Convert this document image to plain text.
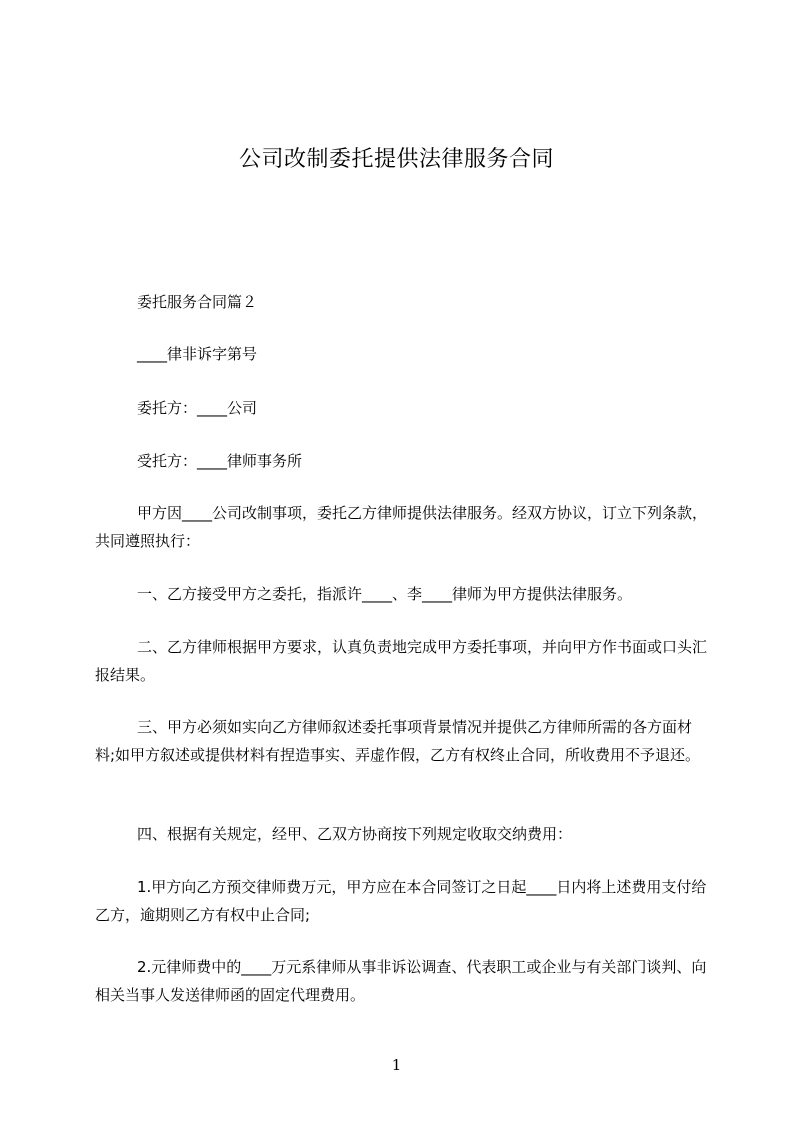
公司改制委托提供法律服务合同

委托服务合同篇２

____律非诉字第号

委托方：____公司

受托方：____律师事务所

甲方因____公司改制事项，委托乙方律师提供法律服务。经双方协议，订立下列条款，共同遵照执行：

一、乙方接受甲方之委托，指派许____、李____律师为甲方提供法律服务。

二、乙方律师根据甲方要求，认真负责地完成甲方委托事项，并向甲方作书面或口头汇报结果。

三、甲方必须如实向乙方律师叙述委托事项背景情况并提供乙方律师所需的各方面材料;如甲方叙述或提供材料有捏造事实、弄虚作假，乙方有权终止合同，所收费用不予退还。

四、根据有关规定，经甲、乙双方协商按下列规定收取交纳费用：

1.甲方向乙方预交律师费万元，甲方应在本合同签订之日起____日内将上述费用支付给乙方，逾期则乙方有权中止合同;

2.元律师费中的____万元系律师从事非诉讼调查、代表职工或企业与有关部门谈判、向相关当事人发送律师函的固定代理费用。

1
